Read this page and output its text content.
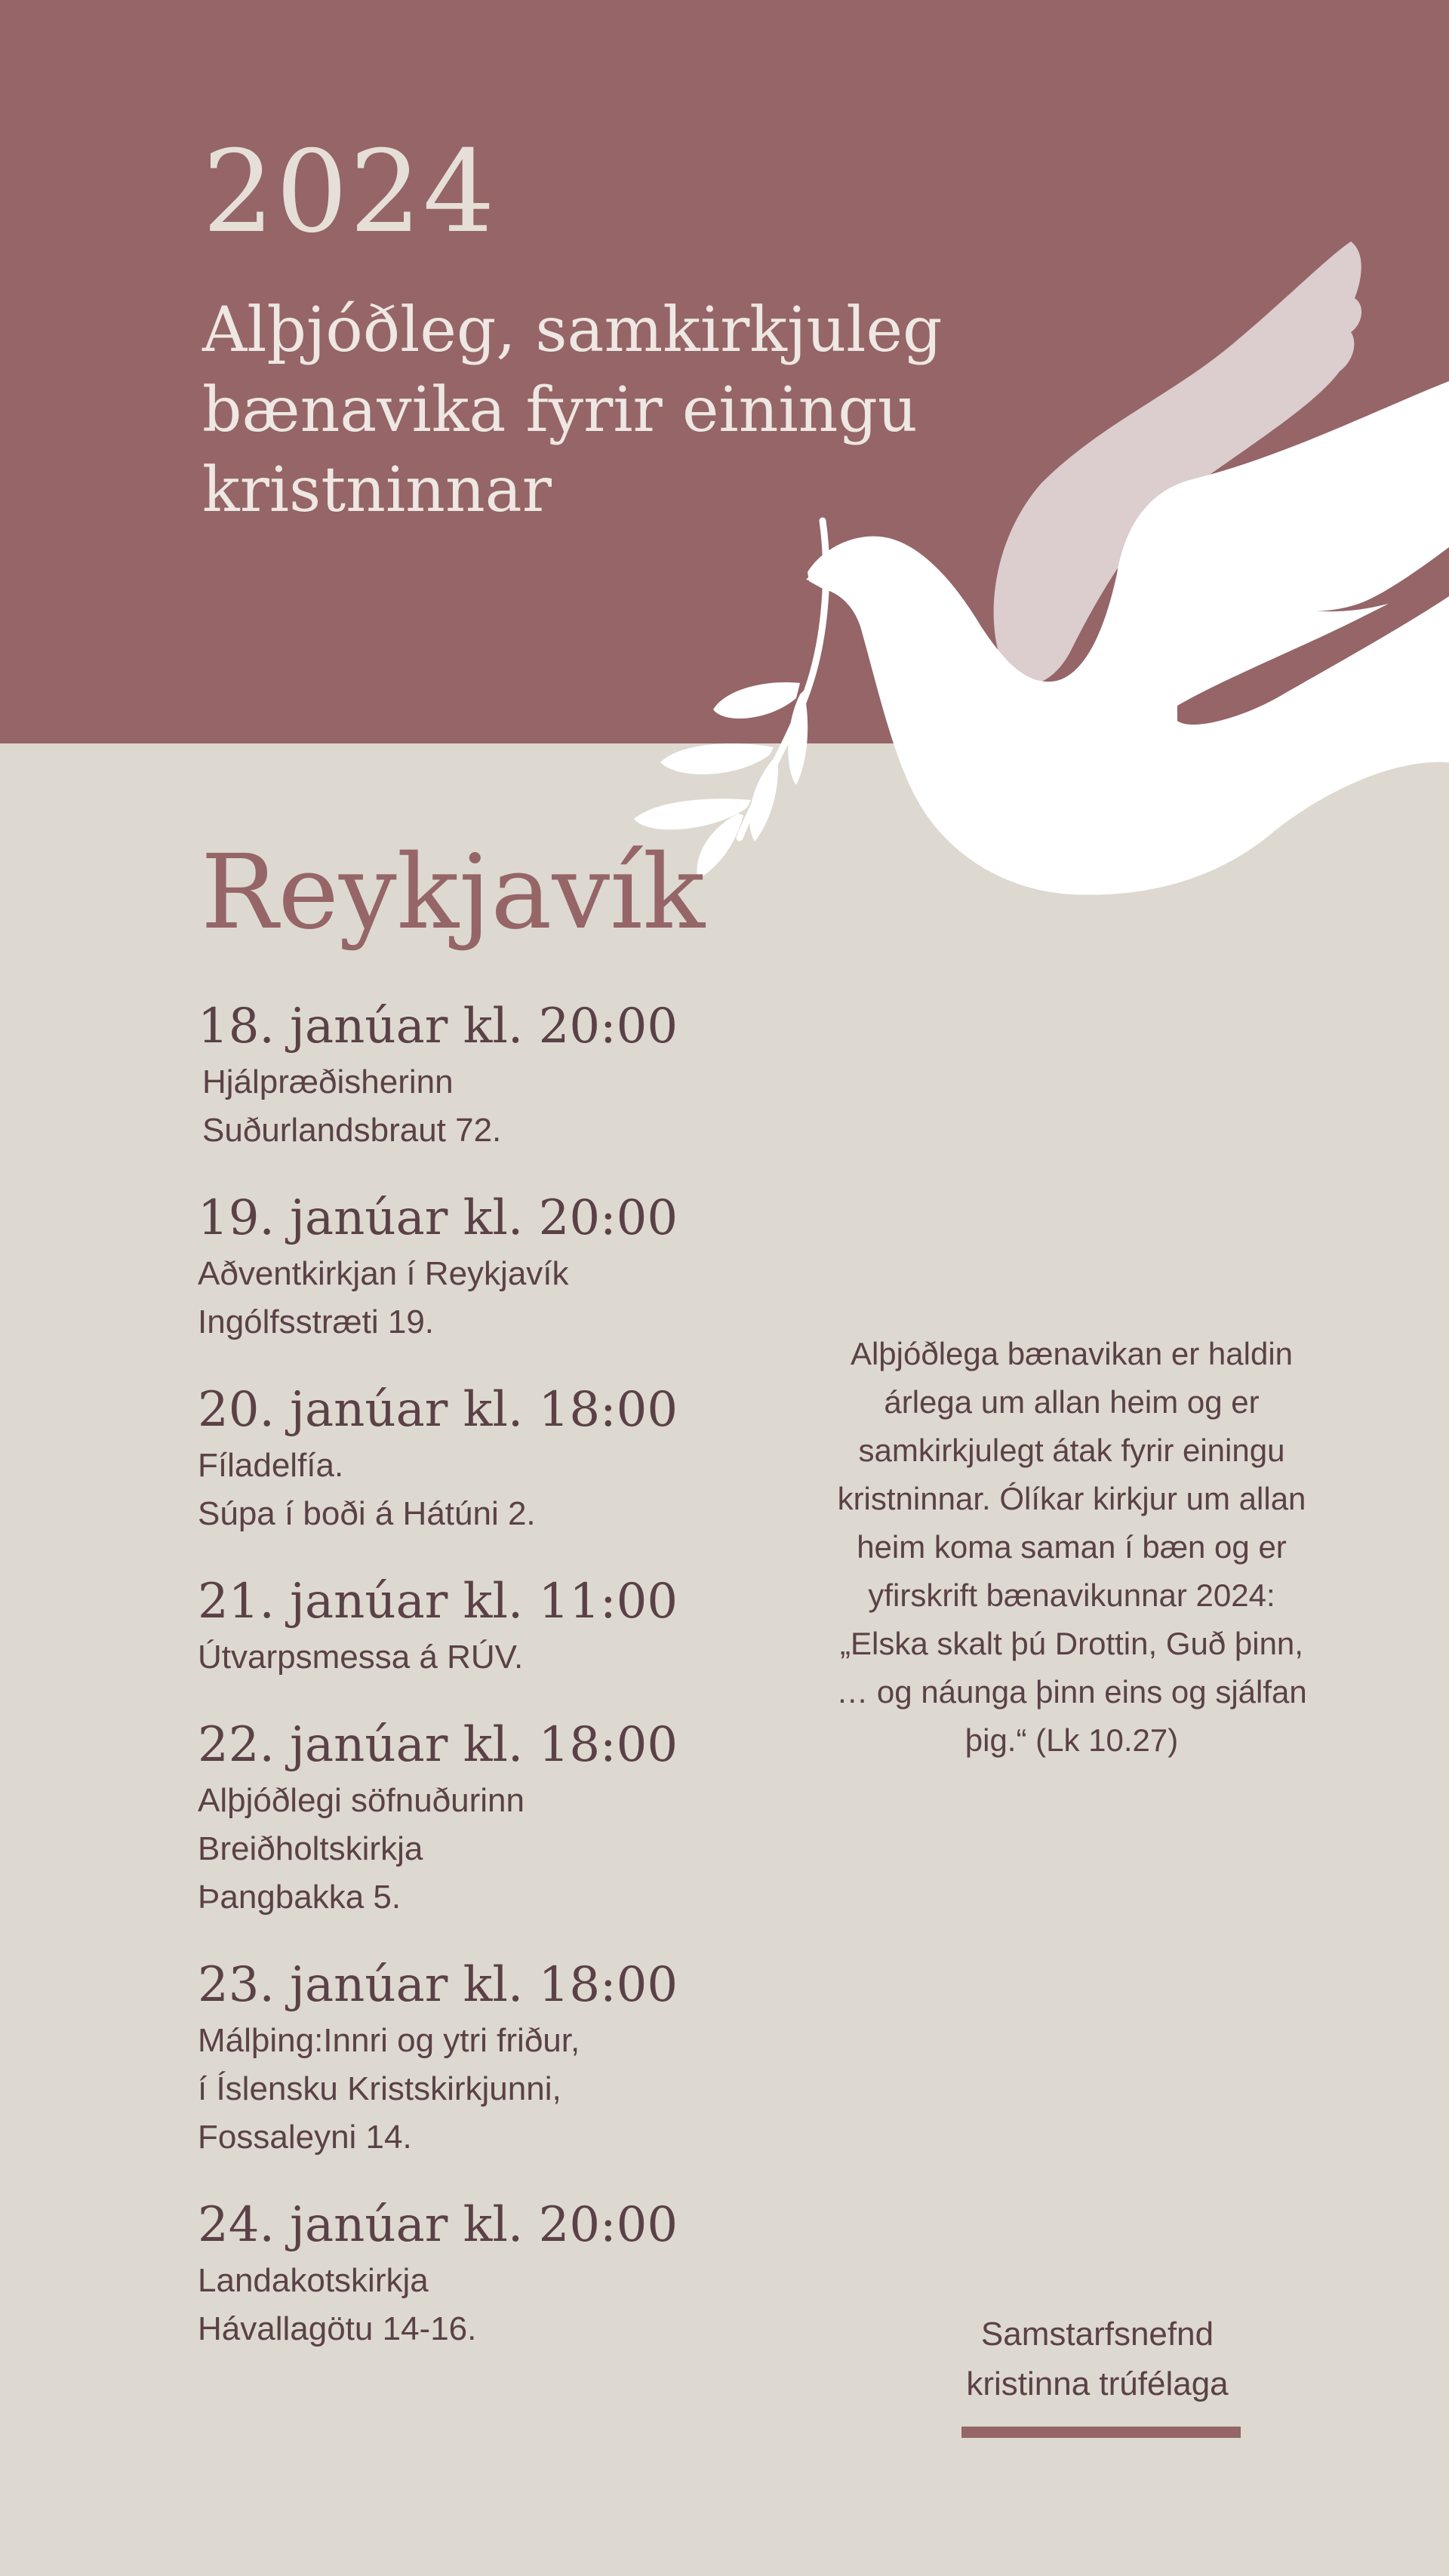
2024
Alþjóðleg, samkirkjuleg
bænavika fyrir einingu
kristninnar
Reykjavík
18. janúar kl. 20:00
Hjálpræðisherinn
Suðurlandsbraut 72.
19. janúar kl. 20:00
Aðventkirkjan í Reykjavík
Ingólfsstræti 19.
20. janúar kl. 18:00
Fíladelfía.
Súpa í boði á Hátúni 2.
21. janúar kl. 11:00
Útvarpsmessa á RÚV.
22. janúar kl. 18:00
Alþjóðlegi söfnuðurinn
Breiðholtskirkja
Þangbakka 5.
23. janúar kl. 18:00
Málþing:Innri og ytri friður,
í Íslensku Kristskirkjunni,
Fossaleyni 14.
24. janúar kl. 20:00
Landakotskirkja
Hávallagötu 14-16.

Alþjóðlega bænavikan er haldin
árlega um allan heim og er
samkirkjulegt átak fyrir einingu
kristninnar. Ólíkar kirkjur um allan
heim koma saman í bæn og er
yfirskrift bænavikunnar 2024:
„Elska skalt þú Drottin, Guð þinn,
… og náunga þinn eins og sjálfan
þig.“ (Lk 10.27)

Samstarfsnefnd
kristinna trúfélaga
